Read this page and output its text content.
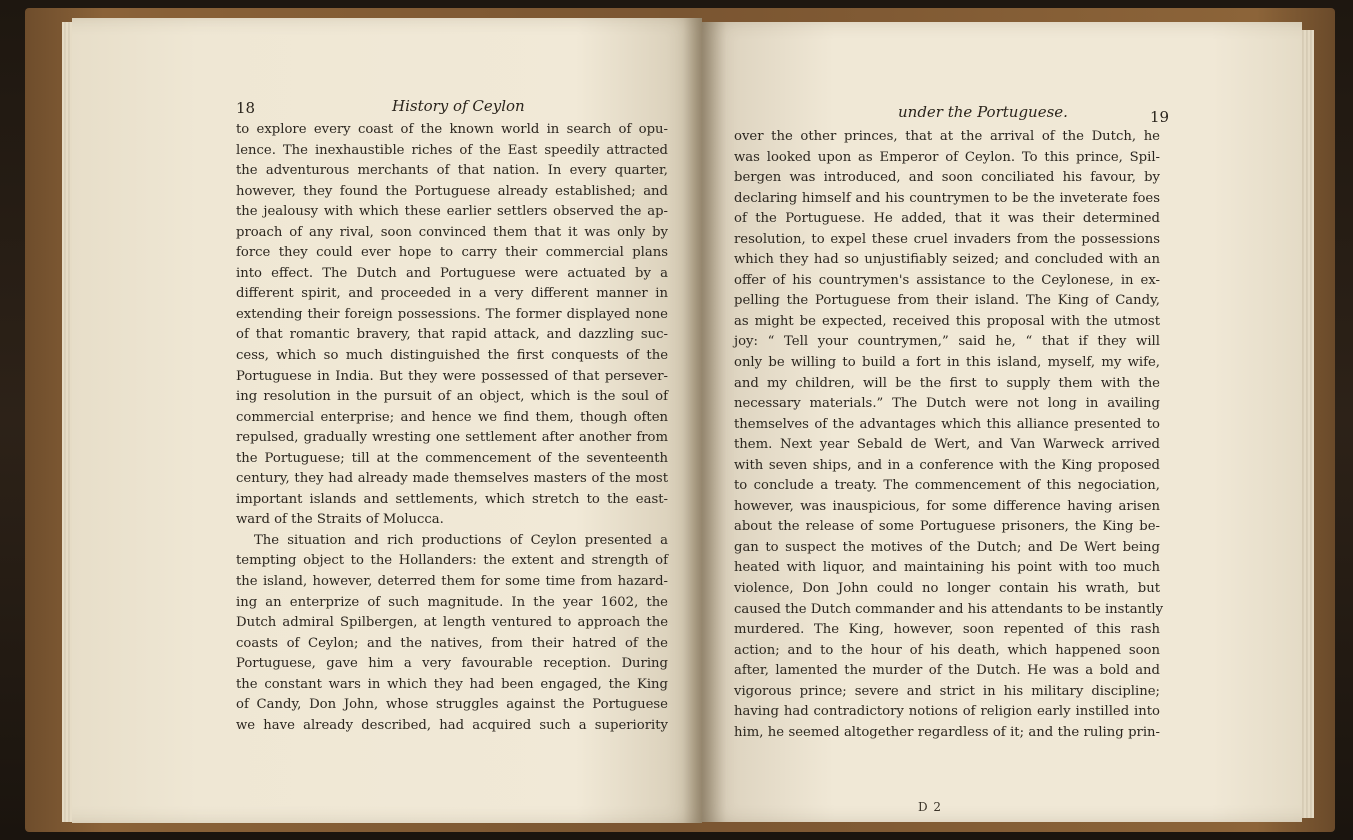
18	History of Ceylon
to explore every coast of the known world in search of opu-
lence. The inexhaustible riches of the East speedily attracted
the adventurous merchants of that nation. In every quarter,
however, they found the Portuguese already established; and
the jealousy with which these earlier settlers observed the ap-
proach of any rival, soon convinced them that it was only by
force they could ever hope to carry their commercial plans
into effect. The Dutch and Portuguese were actuated by a
different spirit, and proceeded in a very different manner in
extending their foreign possessions. The former displayed none
of that romantic bravery, that rapid attack, and dazzling suc-
cess, which so much distinguished the first conquests of the
Portuguese in India. But they were possessed of that persever-
ing resolution in the pursuit of an object, which is the soul of
commercial enterprise; and hence we find them, though often
repulsed, gradually wresting one settlement after another from
the Portuguese; till at the commencement of the seventeenth
century, they had already made themselves masters of the most
important islands and settlements, which stretch to the east-
ward of the Straits of Molucca.
The situation and rich productions of Ceylon presented a
tempting object to the Hollanders: the extent and strength of
the island, however, deterred them for some time from hazard-
ing an enterprize of such magnitude. In the year 1602, the
Dutch admiral Spilbergen, at length ventured to approach the
coasts of Ceylon; and the natives, from their hatred of the
Portuguese, gave him a very favourable reception. During
the constant wars in which they had been engaged, the King
of Candy, Don John, whose struggles against the Portuguese
we have already described, had acquired such a superiority
under the Portuguese.	19
over the other princes, that at the arrival of the Dutch, he
was looked upon as Emperor of Ceylon. To this prince, Spil-
bergen was introduced, and soon conciliated his favour, by
declaring himself and his countrymen to be the inveterate foes
of the Portuguese. He added, that it was their determined
resolution, to expel these cruel invaders from the possessions
which they had so unjustifiably seized; and concluded with an
offer of his countrymen's assistance to the Ceylonese, in ex-
pelling the Portuguese from their island. The King of Candy,
as might be expected, received this proposal with the utmost
joy: “ Tell your countrymen,” said he, “ that if they will
only be willing to build a fort in this island, myself, my wife,
and my children, will be the first to supply them with the
necessary materials.” The Dutch were not long in availing
themselves of the advantages which this alliance presented to
them. Next year Sebald de Wert, and Van Warweck arrived
with seven ships, and in a conference with the King proposed
to conclude a treaty. The commencement of this negociation,
however, was inauspicious, for some difference having arisen
about the release of some Portuguese prisoners, the King be-
gan to suspect the motives of the Dutch; and De Wert being
heated with liquor, and maintaining his point with too much
violence, Don John could no longer contain his wrath, but
caused the Dutch commander and his attendants to be instantly
murdered. The King, however, soon repented of this rash
action; and to the hour of his death, which happened soon
after, lamented the murder of the Dutch. He was a bold and
vigorous prince; severe and strict in his military discipline;
having had contradictory notions of religion early instilled into
him, he seemed altogether regardless of it; and the ruling prin-
D 2
